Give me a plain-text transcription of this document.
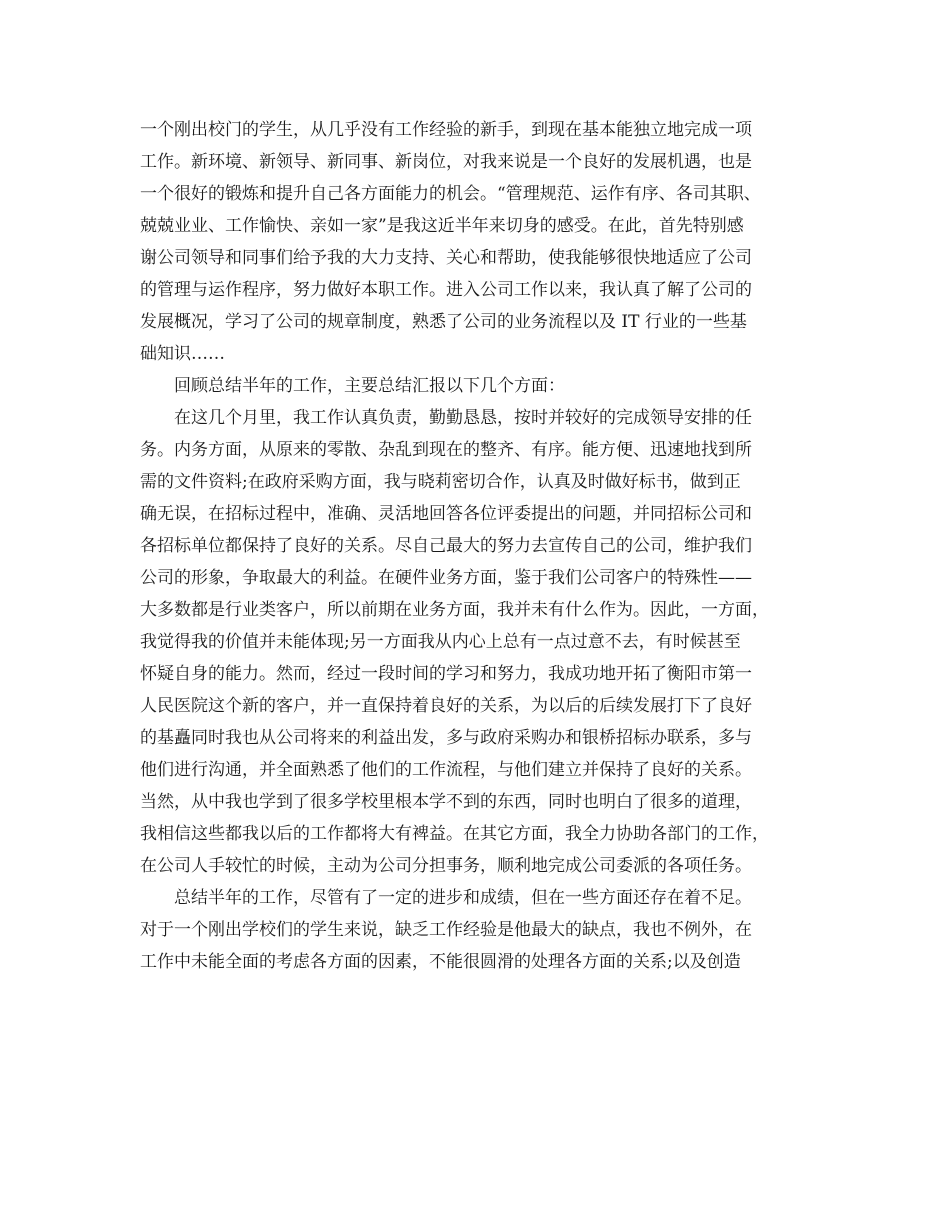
一个刚出校门的学生，从几乎没有工作经验的新手，到现在基本能独立地完成一项
工作。新环境、新领导、新同事、新岗位，对我来说是一个良好的发展机遇，也是
一个很好的锻炼和提升自己各方面能力的机会。“管理规范、运作有序、各司其职、
兢兢业业、工作愉快、亲如一家”是我这近半年来切身的感受。在此，首先特别感
谢公司领导和同事们给予我的大力支持、关心和帮助，使我能够很快地适应了公司
的管理与运作程序，努力做好本职工作。进入公司工作以来，我认真了解了公司的
发展概况，学习了公司的规章制度，熟悉了公司的业务流程以及 IT 行业的一些基
础知识……
回顾总结半年的工作，主要总结汇报以下几个方面：
在这几个月里，我工作认真负责，勤勤恳恳，按时并较好的完成领导安排的任
务。内务方面，从原来的零散、杂乱到现在的整齐、有序。能方便、迅速地找到所
需的文件资料;在政府采购方面，我与晓莉密切合作，认真及时做好标书，做到正
确无误，在招标过程中，准确、灵活地回答各位评委提出的问题，并同招标公司和
各招标单位都保持了良好的关系。尽自己最大的努力去宣传自己的公司，维护我们
公司的形象，争取最大的利益。在硬件业务方面，鉴于我们公司客户的特殊性——
大多数都是行业类客户，所以前期在业务方面，我并未有什么作为。因此，一方面，
我觉得我的价值并未能体现;另一方面我从内心上总有一点过意不去，有时候甚至
怀疑自身的能力。然而，经过一段时间的学习和努力，我成功地开拓了衡阳市第一
人民医院这个新的客户，并一直保持着良好的关系，为以后的后续发展打下了良好
的基矗同时我也从公司将来的利益出发，多与政府采购办和银桥招标办联系，多与
他们进行沟通，并全面熟悉了他们的工作流程，与他们建立并保持了良好的关系。
当然，从中我也学到了很多学校里根本学不到的东西，同时也明白了很多的道理，
我相信这些都我以后的工作都将大有裨益。在其它方面，我全力协助各部门的工作，
在公司人手较忙的时候，主动为公司分担事务，顺利地完成公司委派的各项任务。
总结半年的工作，尽管有了一定的进步和成绩，但在一些方面还存在着不足。
对于一个刚出学校们的学生来说，缺乏工作经验是他最大的缺点，我也不例外，在
工作中未能全面的考虑各方面的因素，不能很圆滑的处理各方面的关系;以及创造
